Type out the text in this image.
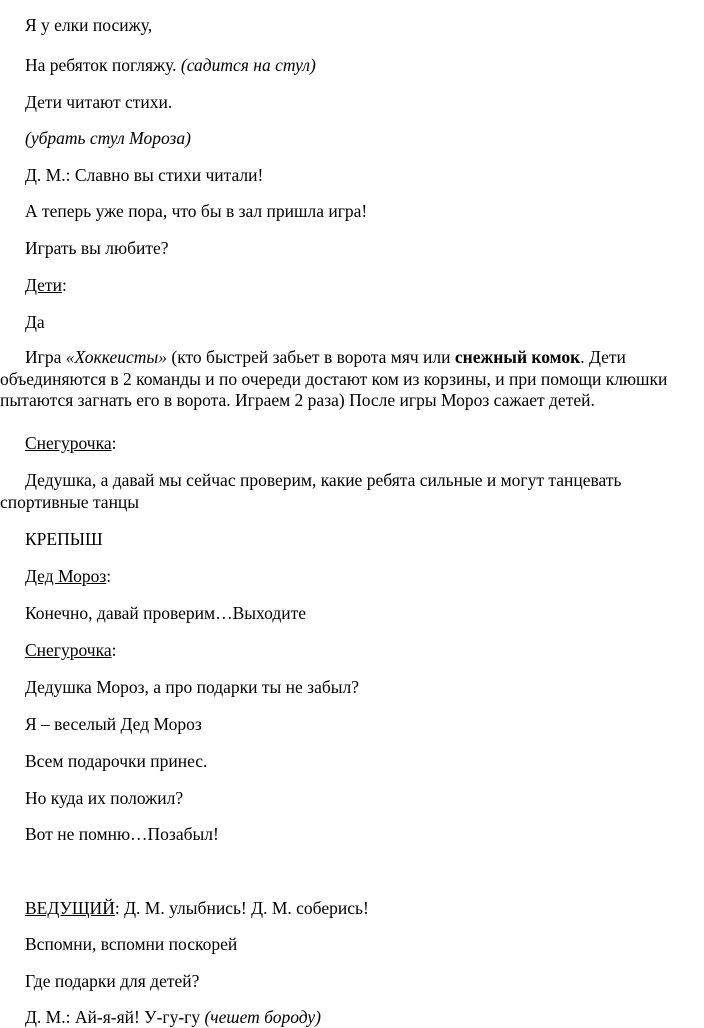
Я у елки посижу,
На ребяток погляжу. (садится на стул)
Дети читают стихи.
(убрать стул Мороза)
Д. М.: Славно вы стихи читали!
А теперь уже пора, что бы в зал пришла игра!
Играть вы любите?
Дети:
Да
Игра «Хоккеисты» (кто быстрей забьет в ворота мяч или снежный комок. Дети объединяются в 2 команды и по очереди достают ком из корзины, и при помощи клюшки пытаются загнать его в ворота. Играем 2 раза) После игры Мороз сажает детей.
Снегурочка:
Дедушка, а давай мы сейчас проверим, какие ребята сильные и могут танцевать спортивные танцы
КРЕПЫШ
Дед Мороз:
Конечно, давай проверим…Выходите
Снегурочка:
Дедушка Мороз, а про подарки ты не забыл?
Я – веселый Дед Мороз
Всем подарочки принес.
Но куда их положил?
Вот не помню…Позабыл!
ВЕДУЩИЙ: Д. М. улыбнись! Д. М. соберись!
Вспомни, вспомни поскорей
Где подарки для детей?
Д. М.: Ай-я-яй! У-гу-гу (чешет бороду)
